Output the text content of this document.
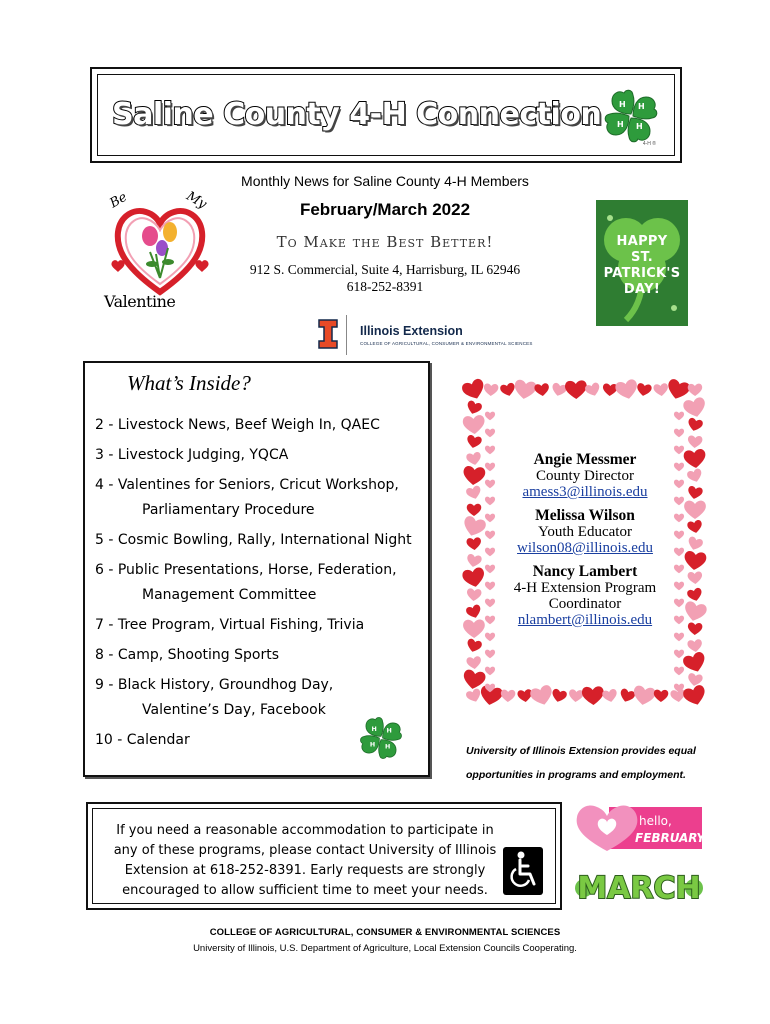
Saline County 4-H Connection H H
H
H
4-H ®
Monthly News for Saline County 4-H Members
February/March 2022
To Make the Best Better!
912 S. Commercial, Suite 4, Harrisburg, IL 62946
618-252-8391
Be	My
Valentine
HAPPY
ST.
PATRICK'S
DAY!
Illinois Extension
COLLEGE OF AGRICULTURAL, CONSUMER & ENVIRONMENTAL SCIENCES
What’s Inside?
2 - Livestock News, Beef Weigh In, QAEC
3 - Livestock Judging, YQCA
4 - Valentines for Seniors, Cricut Workshop,
Parliamentary Procedure
5 - Cosmic Bowling, Rally, International Night
6 - Public Presentations, Horse, Federation,
Management Committee
7 - Tree Program, Virtual Fishing, Trivia
8 - Camp, Shooting Sports
9 - Black History, Groundhog Day,
Valentine’s Day, Facebook
10 - Calendar
H H
H
H
Angie Messmer
County Director
amess3@illinois.edu
Melissa Wilson
Youth Educator
wilson08@illinois.edu
Nancy Lambert
4-H Extension Program Coordinator
nlambert@illinois.edu
University of Illinois Extension provides equal
opportunities in programs and employment.
If you need a reasonable accommodation to participate in any of these programs, please contact University of Illinois Extension at 618-252-8391. Early requests are strongly encouraged to allow sufficient time to meet your needs.
hello,
FEBRUARY!
MARCH
COLLEGE OF AGRICULTURAL, CONSUMER & ENVIRONMENTAL SCIENCES
University of Illinois, U.S. Department of Agriculture, Local Extension Councils Cooperating.
